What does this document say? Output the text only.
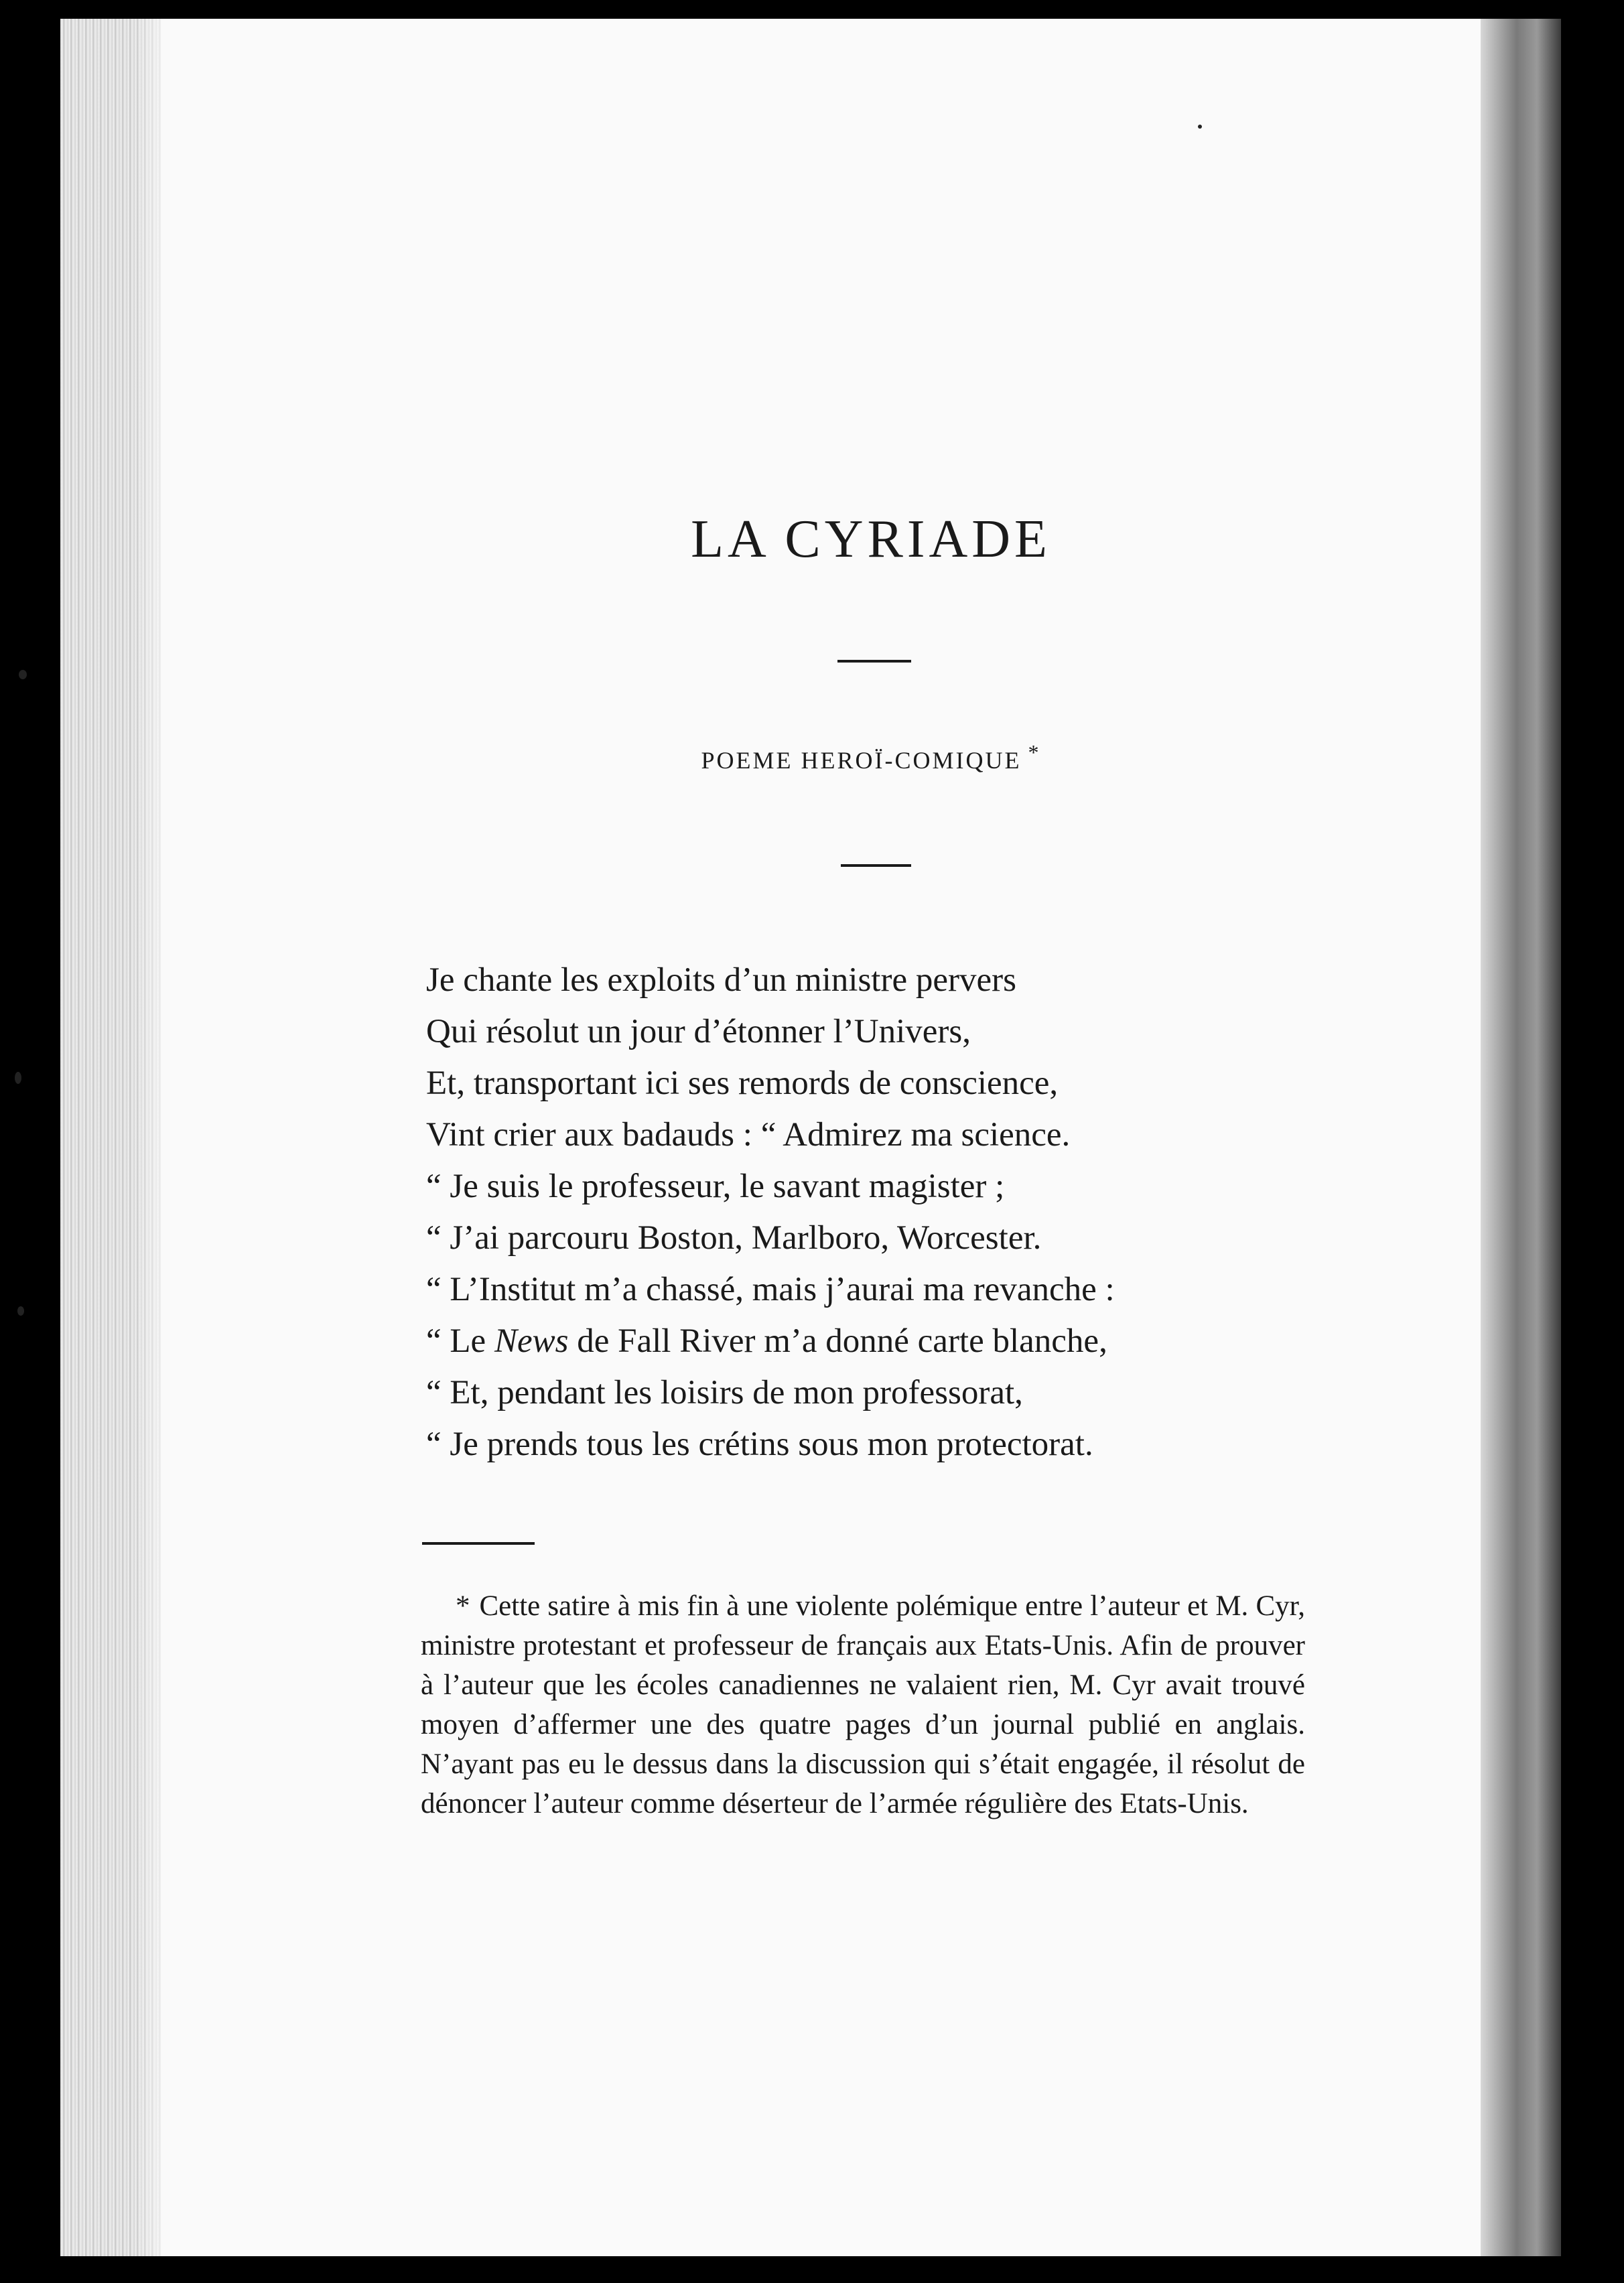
LA CYRIADE
POEME HEROÏ-COMIQUE *
Je chante les exploits d’un ministre pervers
Qui résolut un jour d’étonner l’Univers,
Et, transportant ici ses remords de conscience,
Vint crier aux badauds : “ Admirez ma science.
“ Je suis le professeur, le savant magister ;
“ J’ai parcouru Boston, Marlboro, Worcester.
“ L’Institut m’a chassé, mais j’aurai ma revanche :
“ Le News de Fall River m’a donné carte blanche,
“ Et, pendant les loisirs de mon professorat,
“ Je prends tous les crétins sous mon protectorat.
* Cette satire à mis fin à une violente polémique entre l’auteur et M. Cyr, ministre protestant et professeur de français aux Etats-Unis. Afin de prouver à l’auteur que les écoles canadiennes ne valaient rien, M. Cyr avait trouvé moyen d’affermer une des quatre pages d’un journal publié en anglais. N’ayant pas eu le dessus dans la discussion qui s’était engagée, il résolut de dénoncer l’auteur comme déserteur de l’armée régulière des Etats-Unis.
